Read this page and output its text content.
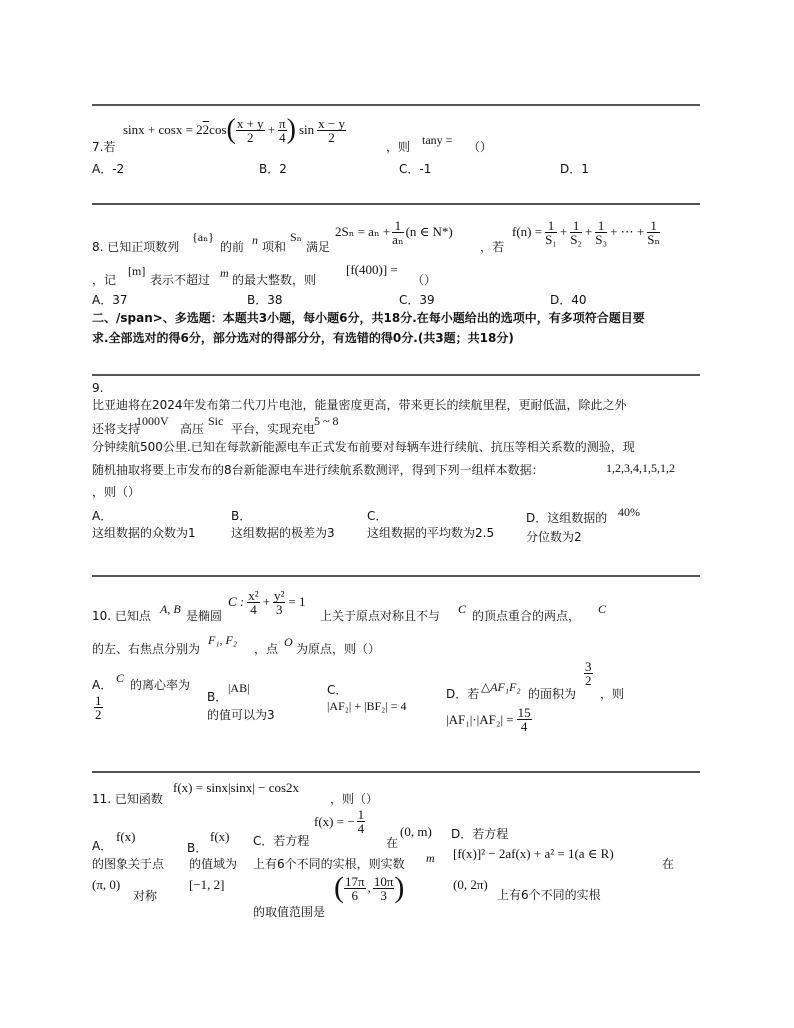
sinx + cosx = 2 2 cos ( $\frac{x + y}{2} + \frac{\pi}{4}$ ) $\sin \frac{x - y}{2}$
7.若	，则 tany = （）
A．-2	B．2	C．-1	D．1
8. 已知正项数列
{aₙ}
的前 n 项和
Sₙ
满足
$2S_n = a_n + \frac{1}{\text{aₙ}} (n$ ∈ N*)
，若
$f(n) = \frac{1}{\text{S₁}} + \frac{1}{\text{S₂}} + \frac{1}{\text{S₃}}$ + ⋯ + $\frac{1}{\text{Sₙ}}$
，记
[m]
表示不超过 m 的最大整数，则
[f(400)] =
（）
A．37	B．38	C．39	D．40
二、/span>、多选题：本题共3小题，每小题6分，共18分.在每小题给出的选项中，有多项符合题目要
求.全部选对的得6分，部分选对的得部分分，有选错的得0分.(共3题；共18分)
9.
比亚迪将在2024年发布第二代刀片电池，能量密度更高，带来更长的续航里程，更耐低温，除此之外
还将支持
1000V
高压
Sic
平台，实现充电
5 ~ 8
分钟续航500公里.已知在每款新能源电车正式发布前要对每辆车进行续航、抗压等相关系数的测验，现
随机抽取将要上市发布的8台新能源电车进行续航系数测评，得到下列一组样本数据：	1,2,3,4,1,5,1,2
，则（）
A．
这组数据的众数为1
B．
这组数据的极差为3
C．
这组数据的平均数为2.5
D．这组数据的 40%
分位数为2
10. 已知点 A, B 是椭圆
C : $\frac{\text{x²}}{4} + \frac{\text{y²}}{3} = 1$
上关于原点对称且不与 C 的顶点重合的两点， C
的左、右焦点分别为
F₁, F₂
，点 O 为原点，则（）
A． C 的离心率为
$\frac{1}{2}$	B．
|AB|
的值可以为3
C．
|AF₂| + |BF₂| = 4
D．若 △AF₁F₂ 的面积为
$\frac{3}{2}$
，则
$|AF_1|\cdot|AF_2| = \frac{15}{4}$
11. 已知函数
f(x) = sinx|sinx| − cos2x
，则（）
A．
f(x)
的图象关于点
(π, 0)
对称
B．
f(x)
的值域为
[−1, 2]
C．若方程
f(x) = − $\frac{1}{4}$
在
(0, m)
上有6个不同的实根，则实数 m
的取值范围是
( $\frac{17\pi}{6}$ , $\frac{10\pi}{3}$ )
D．若方程
[f(x)]² − 2af(x) + a² = 1(a ∈ R)
在
(0, 2π)
上有6个不同的实根
